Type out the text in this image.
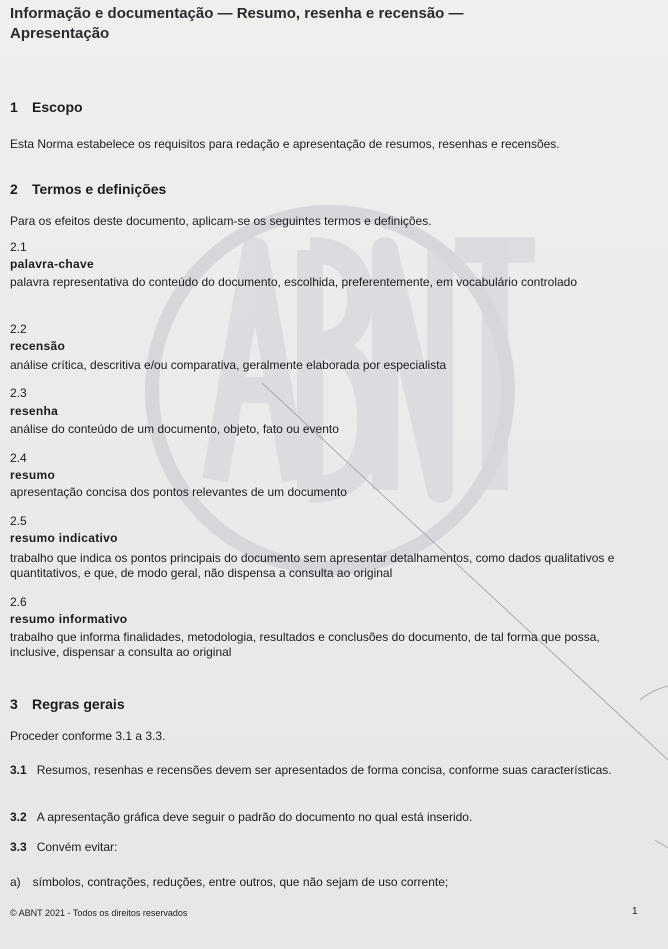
Informação e documentação — Resumo, resenha e recensão —
Apresentação
1 Escopo
Esta Norma estabelece os requisitos para redação e apresentação de resumos, resenhas e recensões.
2 Termos e definições
Para os efeitos deste documento, aplicam-se os seguintes termos e definições.
2.1
palavra-chave
palavra representativa do conteúdo do documento, escolhida, preferentemente, em vocabulário controlado
2.2
recensão
análise crítica, descritiva e/ou comparativa, geralmente elaborada por especialista
2.3
resenha
análise do conteúdo de um documento, objeto, fato ou evento
2.4
resumo
apresentação concisa dos pontos relevantes de um documento
2.5
resumo indicativo
trabalho que indica os pontos principais do documento sem apresentar detalhamentos, como dados qualitativos e quantitativos, e que, de modo geral, não dispensa a consulta ao original
2.6
resumo informativo
trabalho que informa finalidades, metodologia, resultados e conclusões do documento, de tal forma que possa, inclusive, dispensar a consulta ao original
3 Regras gerais
Proceder conforme 3.1 a 3.3.
3.1 Resumos, resenhas e recensões devem ser apresentados de forma concisa, conforme suas características.
3.2 A apresentação gráfica deve seguir o padrão do documento no qual está inserido.
3.3 Convém evitar:
a) símbolos, contrações, reduções, entre outros, que não sejam de uso corrente;
© ABNT 2021 - Todos os direitos reservados	1
